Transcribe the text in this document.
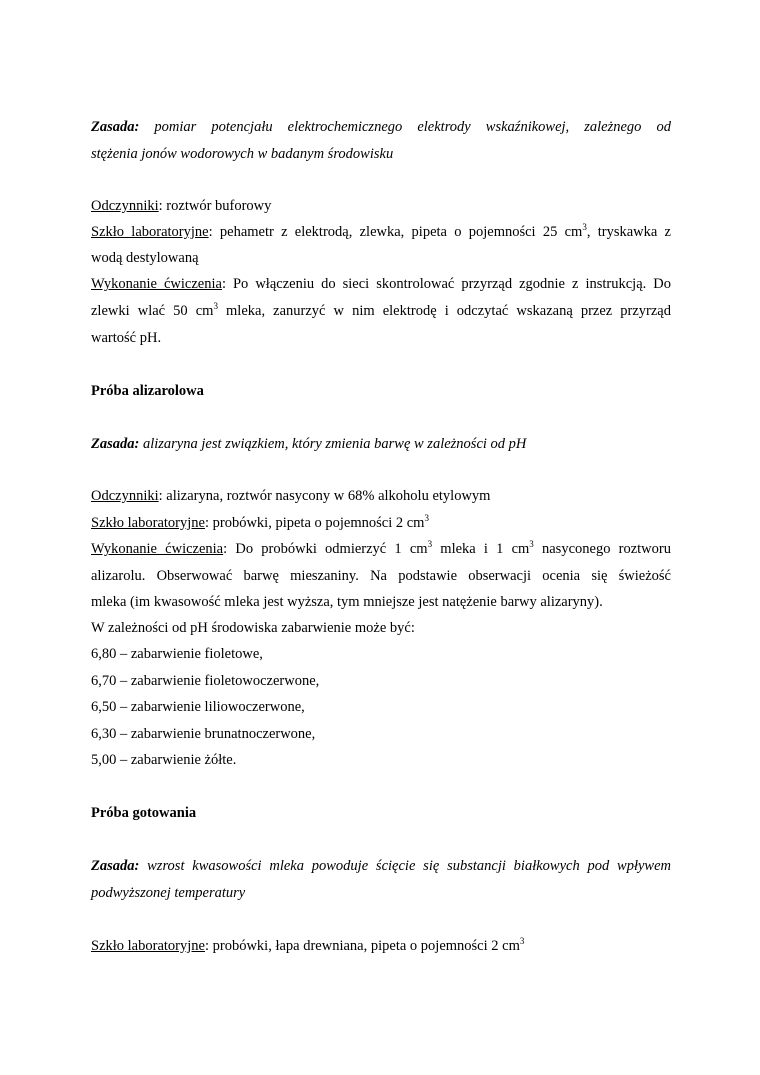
Zasada: pomiar potencjału elektrochemicznego elektrody wskaźnikowej, zależnego od
stężenia jonów wodorowych w badanym środowisku
Odczynniki: roztwór buforowy
Szkło laboratoryjne: pehametr z elektrodą, zlewka, pipeta o pojemności 25 $cm^3$, tryskawka z
wodą destylowaną
Wykonanie ćwiczenia: Po włączeniu do sieci skontrolować przyrząd zgodnie z instrukcją. Do
zlewki wlać 50 $cm^3$ mleka, zanurzyć w nim elektrodę i odczytać wskazaną przez przyrząd
wartość pH.
Próba alizarolowa
Zasada: alizaryna jest związkiem, który zmienia barwę w zależności od pH
Odczynniki: alizaryna, roztwór nasycony w 68% alkoholu etylowym
Szkło laboratoryjne: probówki, pipeta o pojemności 2 $cm^3$
Wykonanie ćwiczenia: Do probówki odmierzyć 1 $cm^3$ mleka i 1 $cm^3$ nasyconego roztworu
alizarolu. Obserwować barwę mieszaniny. Na podstawie obserwacji ocenia się świeżość
mleka (im kwasowość mleka jest wyższa, tym mniejsze jest natężenie barwy alizaryny).
W zależności od pH środowiska zabarwienie może być:
6,80 – zabarwienie fioletowe,
6,70 – zabarwienie fioletowoczerwone,
6,50 – zabarwienie liliowoczerwone,
6,30 – zabarwienie brunatnoczerwone,
5,00 – zabarwienie żółte.
Próba gotowania
Zasada: wzrost kwasowości mleka powoduje ścięcie się substancji białkowych pod wpływem
podwyższonej temperatury
Szkło laboratoryjne: probówki, łapa drewniana, pipeta o pojemności 2 $cm^3$
